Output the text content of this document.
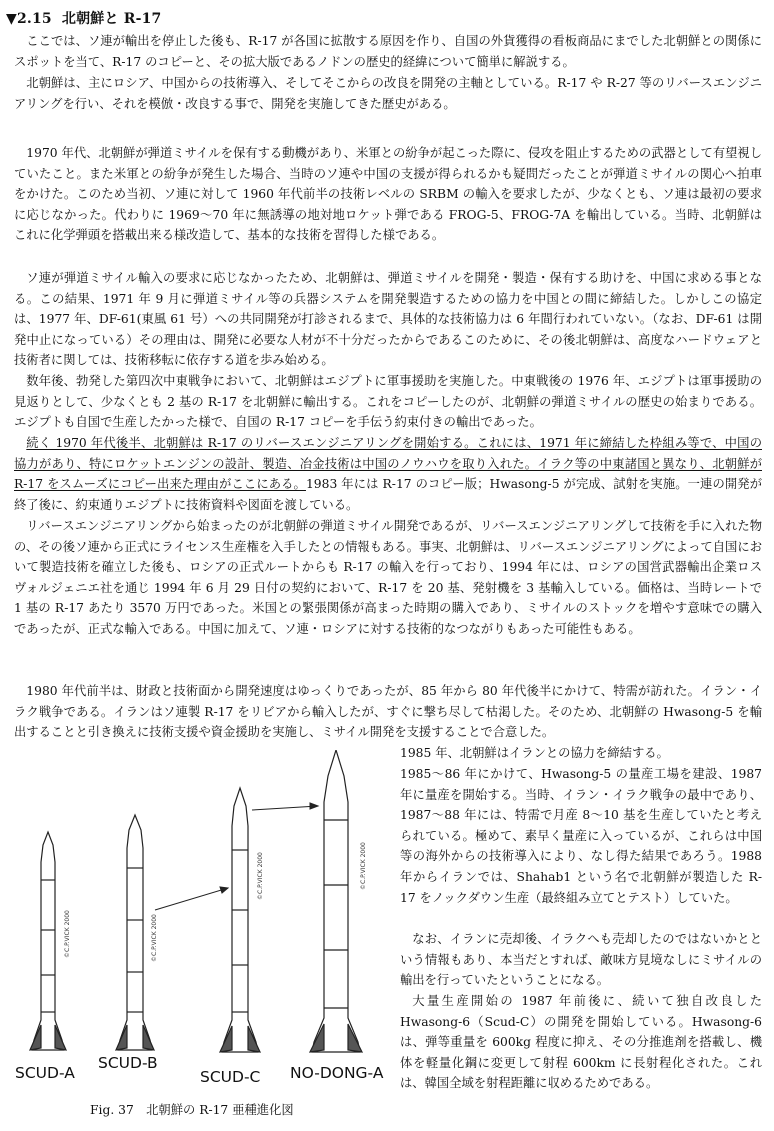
▼2.15 北朝鮮と R-17

ここでは、ソ連が輸出を停止した後も、R-17 が各国に拡散する原因を作り、自国の外貨獲得の看板商品にまでした北朝鮮との関係にスポットを当て、R-17 のコピーと、その拡大版であるノドンの歴史的経緯について簡単に解説する。

北朝鮮は、主にロシア、中国からの技術導入、そしてそこからの改良を開発の主軸としている。R-17 や R-27 等のリバースエンジニアリングを行い、それを模倣・改良する事で、開発を実施してきた歴史がある。

1970 年代、北朝鮮が弾道ミサイルを保有する動機があり、米軍との紛争が起こった際に、侵攻を阻止するための武器として有望視していたこと。また米軍との紛争が発生した場合、当時のソ連や中国の支援が得られるかも疑問だったことが弾道ミサイルの関心へ拍車をかけた。このため当初、ソ連に対して 1960 年代前半の技術レベルの SRBM の輸入を要求したが、少なくとも、ソ連は最初の要求に応じなかった。代わりに 1969～70 年に無誘導の地対地ロケット弾である FROG-5、FROG-7A を輸出している。当時、北朝鮮はこれに化学弾頭を搭載出来る様改造して、基本的な技術を習得した様である。

ソ連が弾道ミサイル輸入の要求に応じなかったため、北朝鮮は、弾道ミサイルを開発・製造・保有する助けを、中国に求める事となる。この結果、1971 年 9 月に弾道ミサイル等の兵器システムを開発製造するための協力を中国との間に締結した。しかしこの協定は、1977 年、DF-61(東風 61 号）への共同開発が打診されるまで、具体的な技術協力は 6 年間行われていない。（なお、DF-61 は開発中止になっている）その理由は、開発に必要な人材が不十分だったからであるこのために、その後北朝鮮は、高度なハードウェアと技術者に関しては、技術移転に依存する道を歩み始める。

数年後、勃発した第四次中東戦争において、北朝鮮はエジプトに軍事援助を実施した。中東戦後の 1976 年、エジプトは軍事援助の見返りとして、少なくとも 2 基の R-17 を北朝鮮に輸出する。これをコピーしたのが、北朝鮮の弾道ミサイルの歴史の始まりである。エジプトも自国で生産したかった様で、自国の R-17 コピーを手伝う約束付きの輸出であった。

続く 1970 年代後半、北朝鮮は R-17 のリバースエンジニアリングを開始する。これには、1971 年に締結した枠組み等で、中国の協力があり、特にロケットエンジンの設計、製造、冶金技術は中国のノウハウを取り入れた。イラク等の中東諸国と異なり、北朝鮮が R-17 をスムーズにコピー出来た理由がここにある。1983 年には R-17 のコピー版；Hwasong-5 が完成、試射を実施。一連の開発が終了後に、約束通りエジプトに技術資料や図面を渡している。

リバースエンジニアリングから始まったのが北朝鮮の弾道ミサイル開発であるが、リバースエンジニアリングして技術を手に入れた物の、その後ソ連から正式にライセンス生産権を入手したとの情報もある。事実、北朝鮮は、リバースエンジニアリングによって自国において製造技術を確立した後も、ロシアの正式ルートからも R-17 の輸入を行っており、1994 年には、ロシアの国営武器輸出企業ロスヴォルジェニエ社を通じ 1994 年 6 月 29 日付の契約において、R-17 を 20 基、発射機を 3 基輸入している。価格は、当時レートで 1 基の R-17 あたり 3570 万円であった。米国との緊張関係が高まった時期の購入であり、ミサイルのストックを増やす意味での購入であったが、正式な輸入である。中国に加えて、ソ連・ロシアに対する技術的なつながりもあった可能性もある。

1980 年代前半は、財政と技術面から開発速度はゆっくりであったが、85 年から 80 年代後半にかけて、特需が訪れた。イラン・イラク戦争である。イランはソ連製 R-17 をリビアから輸入したが、すぐに撃ち尽して枯渇した。そのため、北朝鮮の Hwasong-5 を輸出することと引き換えに技術支援や資金援助を実施し、ミサイル開発を支援することで合意した。

1985 年、北朝鮮はイランとの協力を締結する。

1985～86 年にかけて、Hwasong-5 の量産工場を建設、1987 年に量産を開始する。当時、イラン・イラク戦争の最中であり、1987～88 年には、特需で月産 8～10 基を生産していたと考えられている。極めて、素早く量産に入っているが、これらは中国等の海外からの技術導入により、なし得た結果であろう。1988 年からイランでは、Shahab1 という名で北朝鮮が製造した R-17 をノックダウン生産（最終組み立てとテスト）していた。

なお、イランに売却後、イラクへも売却したのではないかとという情報もあり、本当だとすれば、敵味方見境なしにミサイルの輸出を行っていたということになる。

大量生産開始の 1987 年前後に、続いて独自改良した Hwasong-6（Scud-C）の開発を開始している。Hwasong-6 は、弾等重量を 600kg 程度に抑え、その分推進剤を搭載し、機体を軽量化鋼に変更して射程 600km に長射程化された。これは、韓国全域を射程距離に収めるためである。

©C.P.VICK 2000	©C.P.VICK 2000
©C.P.VICK 2000	©C.P.VICK 2000
SCUD-A
SCUD-B
SCUD-C NO-DONG-A
Fig. 37　北朝鮮の R-17 亜種進化図
